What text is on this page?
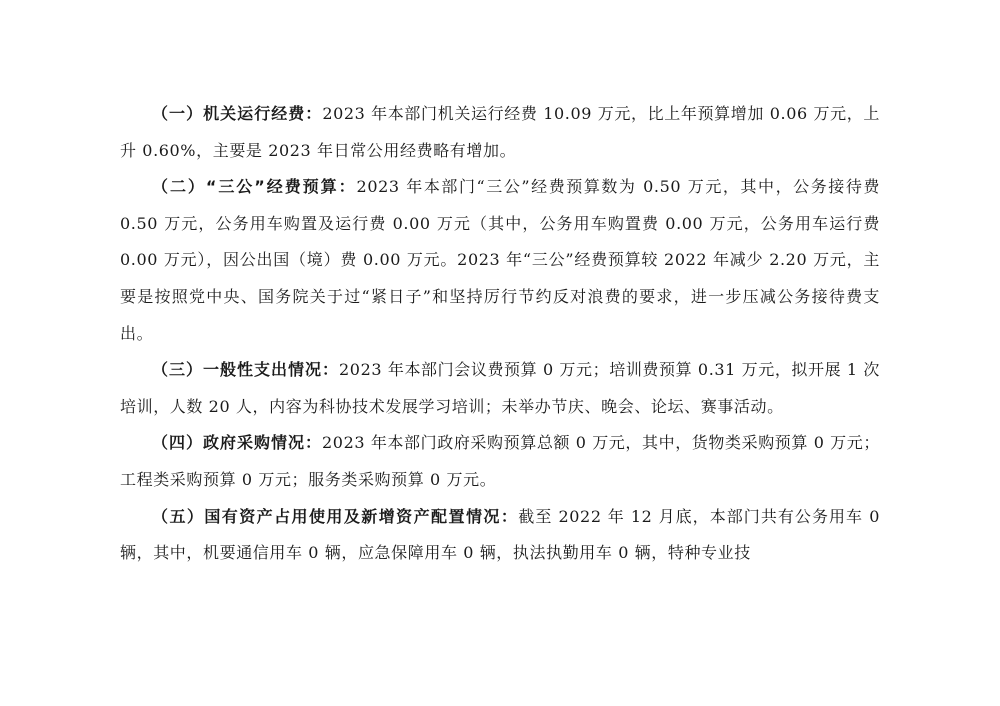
（一）机关运行经费：2023 年本部门机关运行经费 10.09 万元，比上年预算增加 0.06 万元，上升 0.60%，主要是 2023 年日常公用经费略有增加。

（二）“三公”经费预算：2023 年本部门“三公”经费预算数为 0.50 万元，其中，公务接待费 0.50 万元，公务用车购置及运行费 0.00 万元（其中，公务用车购置费 0.00 万元，公务用车运行费 0.00 万元），因公出国（境）费 0.00 万元。2023 年“三公”经费预算较 2022 年减少 2.20 万元，主要是按照党中央、国务院关于过“紧日子”和坚持厉行节约反对浪费的要求，进一步压减公务接待费支出。

（三）一般性支出情况：2023 年本部门会议费预算 0 万元；培训费预算 0.31 万元，拟开展 1 次培训，人数 20 人，内容为科协技术发展学习培训；未举办节庆、晚会、论坛、赛事活动。

（四）政府采购情况：2023 年本部门政府采购预算总额 0 万元，其中，货物类采购预算 0 万元；工程类采购预算 0 万元；服务类采购预算 0 万元。

（五）国有资产占用使用及新增资产配置情况：截至 2022 年 12 月底，本部门共有公务用车 0 辆，其中，机要通信用车 0 辆，应急保障用车 0 辆，执法执勤用车 0 辆，特种专业技
